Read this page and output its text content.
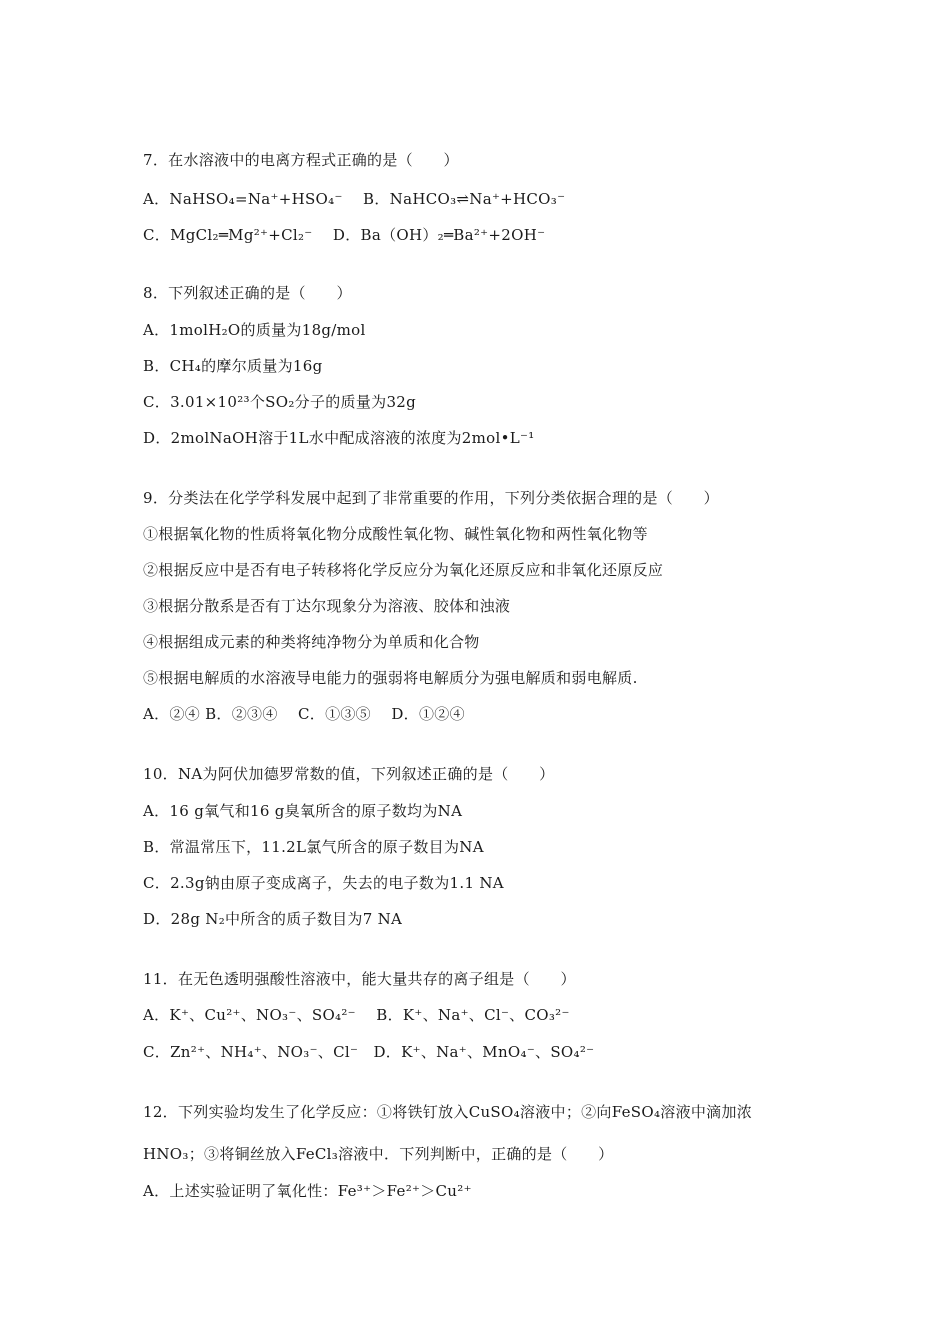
7．在水溶液中的电离方程式正确的是（　　）
A．NaHSO₄=Na⁺+HSO₄⁻　 B．NaHCO₃⇌Na⁺+HCO₃⁻
C．MgCl₂═Mg²⁺+Cl₂⁻　 D．Ba（OH）₂═Ba²⁺+2OH⁻
8．下列叙述正确的是（　　）
A．1molH₂O的质量为18g/mol
B．CH₄的摩尔质量为16g
C．3.01×10²³个SO₂分子的质量为32g
D．2molNaOH溶于1L水中配成溶液的浓度为2mol•L⁻¹
9．分类法在化学学科发展中起到了非常重要的作用，下列分类依据合理的是（　　）
①根据氧化物的性质将氧化物分成酸性氧化物、碱性氧化物和两性氧化物等
②根据反应中是否有电子转移将化学反应分为氧化还原反应和非氧化还原反应
③根据分散系是否有丁达尔现象分为溶液、胶体和浊液
④根据组成元素的种类将纯净物分为单质和化合物
⑤根据电解质的水溶液导电能力的强弱将电解质分为强电解质和弱电解质.
A．②④ B．②③④　 C．①③⑤　 D．①②④
10．NA为阿伏加德罗常数的值，下列叙述正确的是（　　）
A．16 g氧气和16 g臭氧所含的原子数均为NA
B．常温常压下，11.2L氯气所含的原子数目为NA
C．2.3g钠由原子变成离子，失去的电子数为1.1 NA
D．28g N₂中所含的质子数目为7 NA
11．在无色透明强酸性溶液中，能大量共存的离子组是（　　）
A．K⁺、Cu²⁺、NO₃⁻、SO₄²⁻　 B．K⁺、Na⁺、Cl⁻、CO₃²⁻
C．Zn²⁺、NH₄⁺、NO₃⁻、Cl⁻　D．K⁺、Na⁺、MnO₄⁻、SO₄²⁻
12．下列实验均发生了化学反应：①将铁钉放入CuSO₄溶液中；②向FeSO₄溶液中滴加浓
HNO₃；③将铜丝放入FeCl₃溶液中．下列判断中，正确的是（　　）
A．上述实验证明了氧化性：Fe³⁺＞Fe²⁺＞Cu²⁺
